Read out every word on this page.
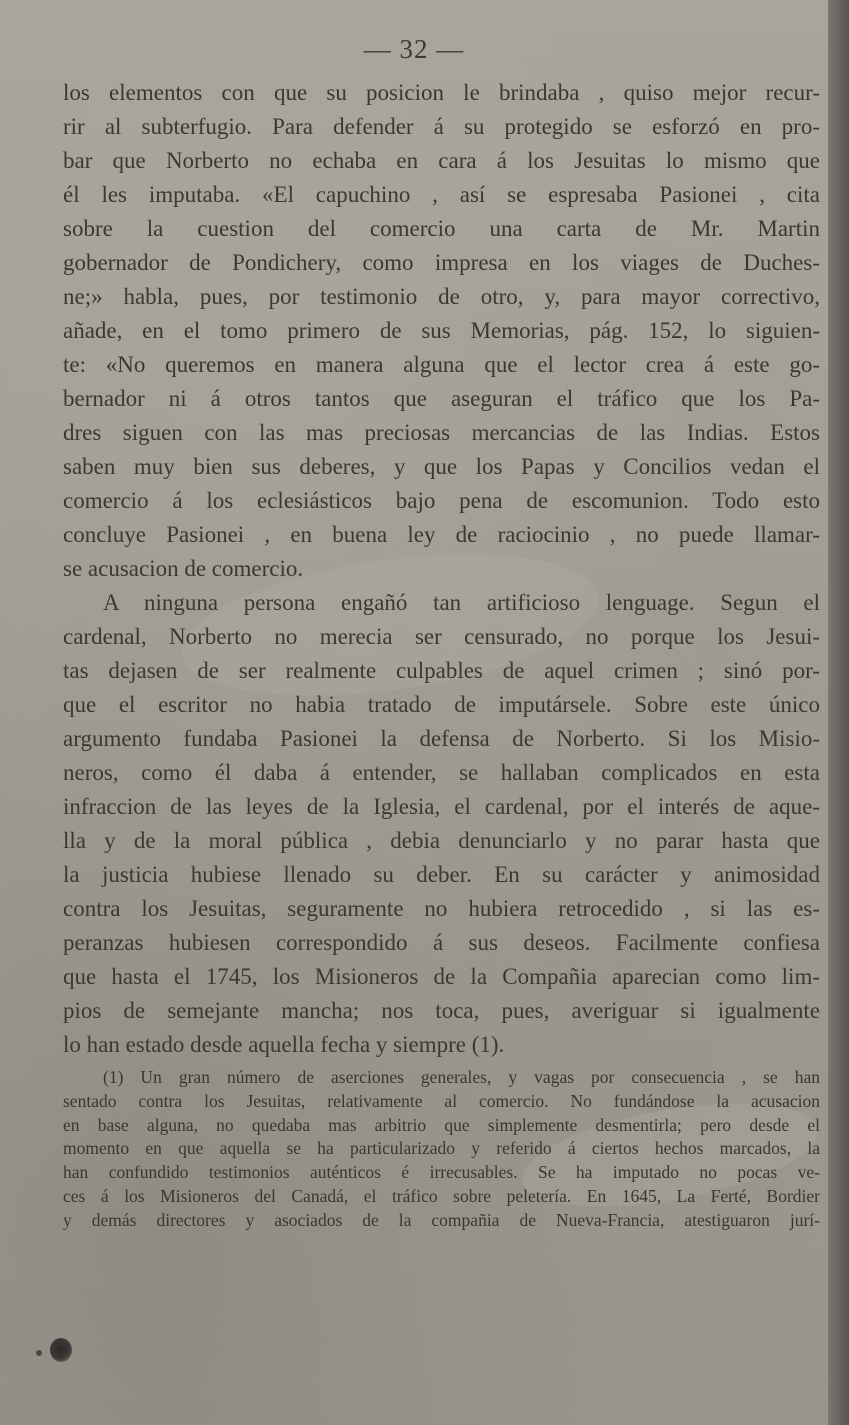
— 32 —
los elementos con que su posicion le brindaba , quiso mejor recur-
rir al subterfugio. Para defender á su protegido se esforzó en pro-
bar que Norberto no echaba en cara á los Jesuitas lo mismo que
él les imputaba. «El capuchino , así se espresaba Pasionei , cita
sobre la cuestion del comercio una carta de Mr. Martin
gobernador de Pondichery, como impresa en los viages de Duches-
ne;» habla, pues, por testimonio de otro, y, para mayor correctivo,
añade, en el tomo primero de sus Memorias, pág. 152, lo siguien-
te: «No queremos en manera alguna que el lector crea á este go-
bernador ni á otros tantos que aseguran el tráfico que los Pa-
dres siguen con las mas preciosas mercancias de las Indias. Estos
saben muy bien sus deberes, y que los Papas y Concilios vedan el
comercio á los eclesiásticos bajo pena de escomunion. Todo esto
concluye Pasionei , en buena ley de raciocinio , no puede llamar-
se acusacion de comercio.
A ninguna persona engañó tan artificioso lenguage. Segun el
cardenal, Norberto no merecia ser censurado, no porque los Jesui-
tas dejasen de ser realmente culpables de aquel crimen ; sinó por-
que el escritor no habia tratado de imputársele. Sobre este único
argumento fundaba Pasionei la defensa de Norberto. Si los Misio-
neros, como él daba á entender, se hallaban complicados en esta
infraccion de las leyes de la Iglesia, el cardenal, por el interés de aque-
lla y de la moral pública , debia denunciarlo y no parar hasta que
la justicia hubiese llenado su deber. En su carácter y animosidad
contra los Jesuitas, seguramente no hubiera retrocedido , si las es-
peranzas hubiesen correspondido á sus deseos. Facilmente confiesa
que hasta el 1745, los Misioneros de la Compañia aparecian como lim-
pios de semejante mancha; nos toca, pues, averiguar si igualmente
lo han estado desde aquella fecha y siempre (1).
(1) Un gran número de aserciones generales, y vagas por consecuencia , se han
sentado contra los Jesuitas, relativamente al comercio. No fundándose la acusacion
en base alguna, no quedaba mas arbitrio que simplemente desmentirla; pero desde el
momento en que aquella se ha particularizado y referido á ciertos hechos marcados, la
han confundido testimonios auténticos é irrecusables. Se ha imputado no pocas ve-
ces á los Misioneros del Canadá, el tráfico sobre peletería. En 1645, La Ferté, Bordier
y demás directores y asociados de la compañia de Nueva-Francia, atestiguaron jurí-
